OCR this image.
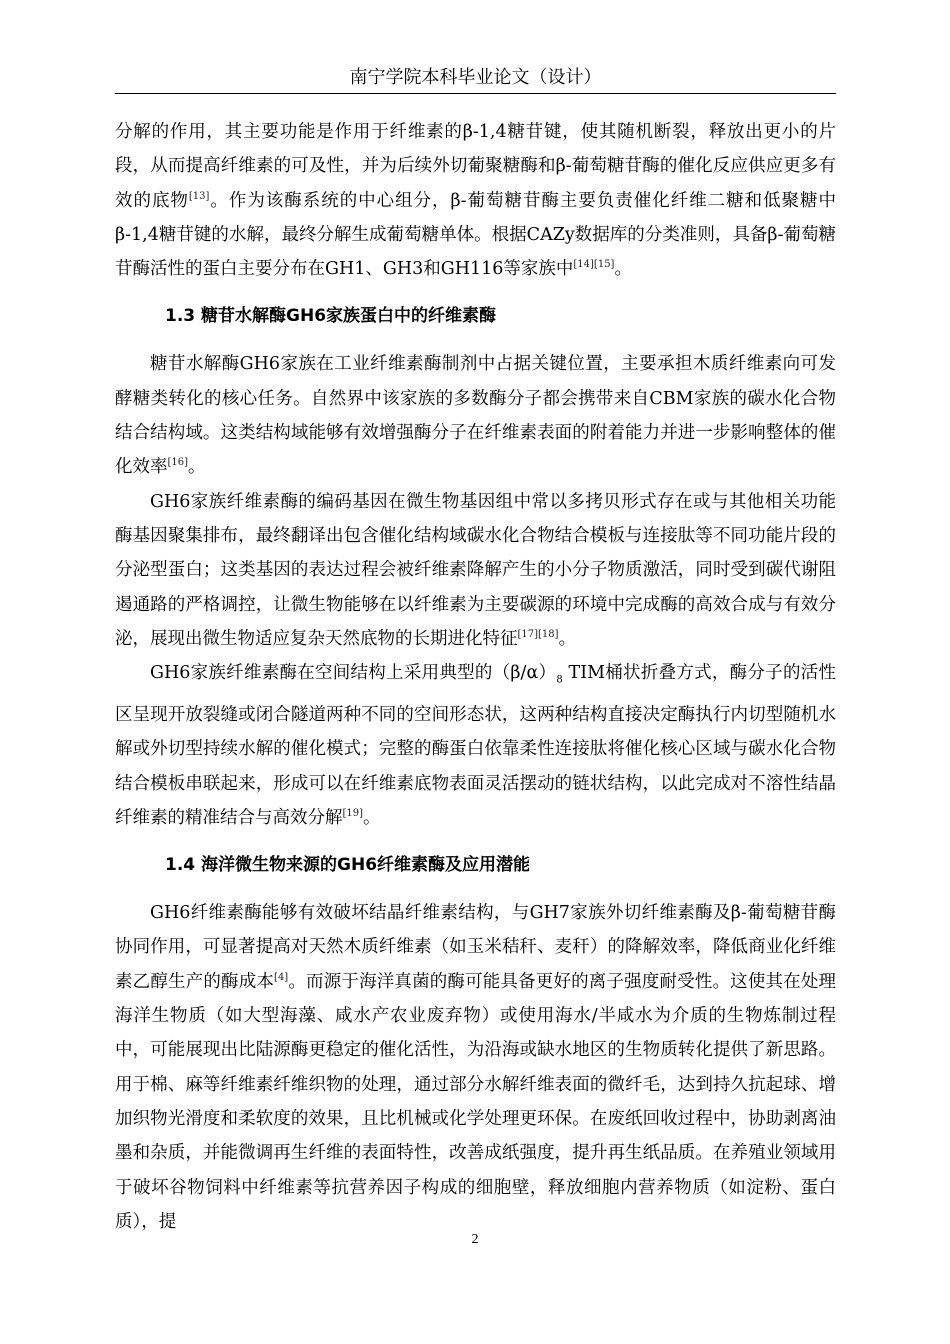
南宁学院本科毕业论文（设计）

分解的作用，其主要功能是作用于纤维素的β-1,4糖苷键，使其随机断裂，释放出更小的片段，从而提高纤维素的可及性，并为后续外切葡聚糖酶和β-葡萄糖苷酶的催化反应供应更多有效的底物[13]。作为该酶系统的中心组分，β-葡萄糖苷酶主要负责催化纤维二糖和低聚糖中β-1,4糖苷键的水解，最终分解生成葡萄糖单体。根据CAZy数据库的分类准则，具备β-葡萄糖苷酶活性的蛋白主要分布在GH1、GH3和GH116等家族中[14][15]。

1.3 糖苷水解酶GH6家族蛋白中的纤维素酶

糖苷水解酶GH6家族在工业纤维素酶制剂中占据关键位置，主要承担木质纤维素向可发酵糖类转化的核心任务。自然界中该家族的多数酶分子都会携带来自CBM家族的碳水化合物结合结构域。这类结构域能够有效增强酶分子在纤维素表面的附着能力并进一步影响整体的催化效率[16]。

GH6家族纤维素酶的编码基因在微生物基因组中常以多拷贝形式存在或与其他相关功能酶基因聚集排布，最终翻译出包含催化结构域碳水化合物结合模板与连接肽等不同功能片段的分泌型蛋白；这类基因的表达过程会被纤维素降解产生的小分子物质激活，同时受到碳代谢阻遏通路的严格调控，让微生物能够在以纤维素为主要碳源的环境中完成酶的高效合成与有效分泌，展现出微生物适应复杂天然底物的长期进化特征[17][18]。

GH6家族纤维素酶在空间结构上采用典型的$(\beta/\alpha)_8$ TIM桶状折叠方式，酶分子的活性区呈现开放裂缝或闭合隧道两种不同的空间形态状，这两种结构直接决定酶执行内切型随机水解或外切型持续水解的催化模式；完整的酶蛋白依靠柔性连接肽将催化核心区域与碳水化合物结合模板串联起来，形成可以在纤维素底物表面灵活摆动的链状结构，以此完成对不溶性结晶纤维素的精准结合与高效分解[19]。

1.4 海洋微生物来源的GH6纤维素酶及应用潜能

GH6纤维素酶能够有效破坏结晶纤维素结构，与GH7家族外切纤维素酶及β-葡萄糖苷酶协同作用，可显著提高对天然木质纤维素（如玉米秸秆、麦秆）的降解效率，降低商业化纤维素乙醇生产的酶成本[4]。而源于海洋真菌的酶可能具备更好的离子强度耐受性。这使其在处理海洋生物质（如大型海藻、咸水产农业废弃物）或使用海水/半咸水为介质的生物炼制过程中，可能展现出比陆源酶更稳定的催化活性，为沿海或缺水地区的生物质转化提供了新思路。用于棉、麻等纤维素纤维织物的处理，通过部分水解纤维表面的微纤毛，达到持久抗起球、增加织物光滑度和柔软度的效果，且比机械或化学处理更环保。在废纸回收过程中，协助剥离油墨和杂质，并能微调再生纤维的表面特性，改善成纸强度，提升再生纸品质。在养殖业领域用于破坏谷物饲料中纤维素等抗营养因子构成的细胞壁，释放细胞内营养物质（如淀粉、蛋白质），提

2
